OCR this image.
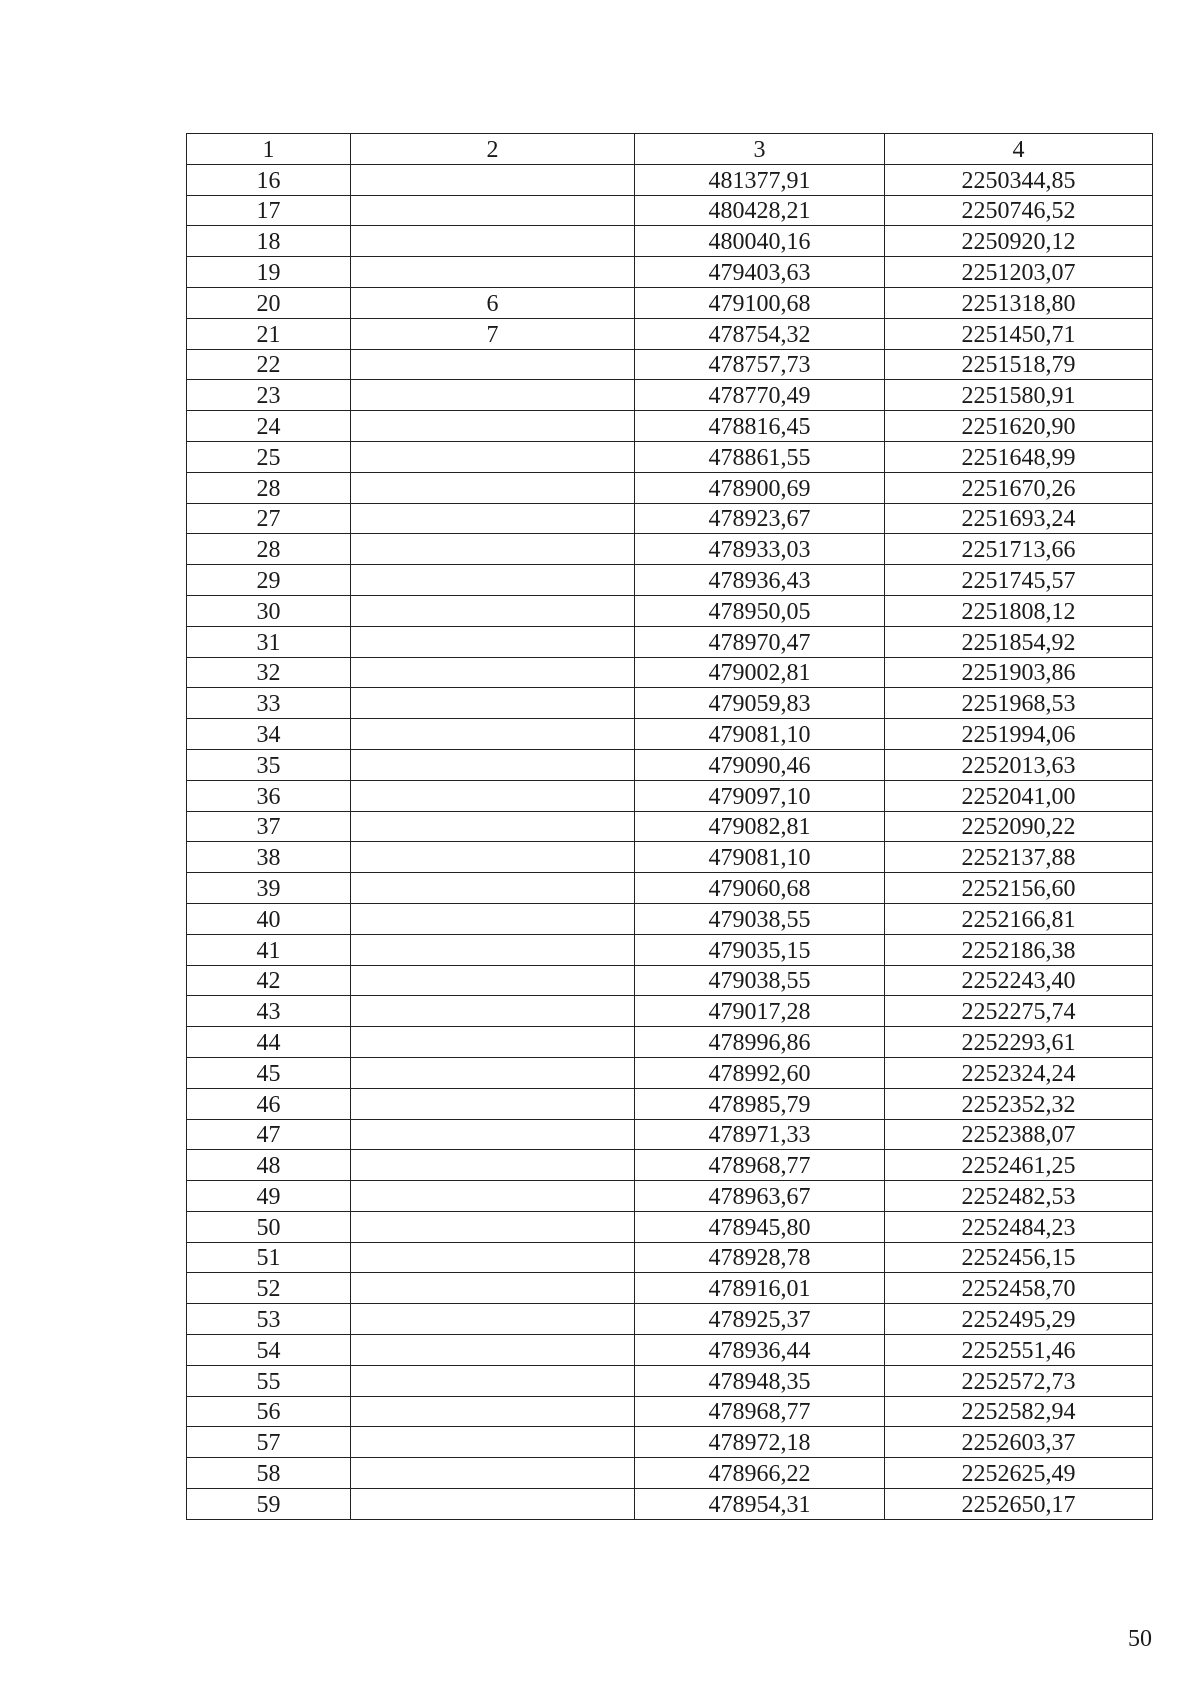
1	2	3	4
16		481377,91	2250344,85
17		480428,21	2250746,52
18		480040,16	2250920,12
19		479403,63	2251203,07
20	6	479100,68	2251318,80
21	7	478754,32	2251450,71
22		478757,73	2251518,79
23		478770,49	2251580,91
24		478816,45	2251620,90
25		478861,55	2251648,99
28		478900,69	2251670,26
27		478923,67	2251693,24
28		478933,03	2251713,66
29		478936,43	2251745,57
30		478950,05	2251808,12
31		478970,47	2251854,92
32		479002,81	2251903,86
33		479059,83	2251968,53
34		479081,10	2251994,06
35		479090,46	2252013,63
36		479097,10	2252041,00
37		479082,81	2252090,22
38		479081,10	2252137,88
39		479060,68	2252156,60
40		479038,55	2252166,81
41		479035,15	2252186,38
42		479038,55	2252243,40
43		479017,28	2252275,74
44		478996,86	2252293,61
45		478992,60	2252324,24
46		478985,79	2252352,32
47		478971,33	2252388,07
48		478968,77	2252461,25
49		478963,67	2252482,53
50		478945,80	2252484,23
51		478928,78	2252456,15
52		478916,01	2252458,70
53		478925,37	2252495,29
54		478936,44	2252551,46
55		478948,35	2252572,73
56		478968,77	2252582,94
57		478972,18	2252603,37
58		478966,22	2252625,49
59		478954,31	2252650,17
50
